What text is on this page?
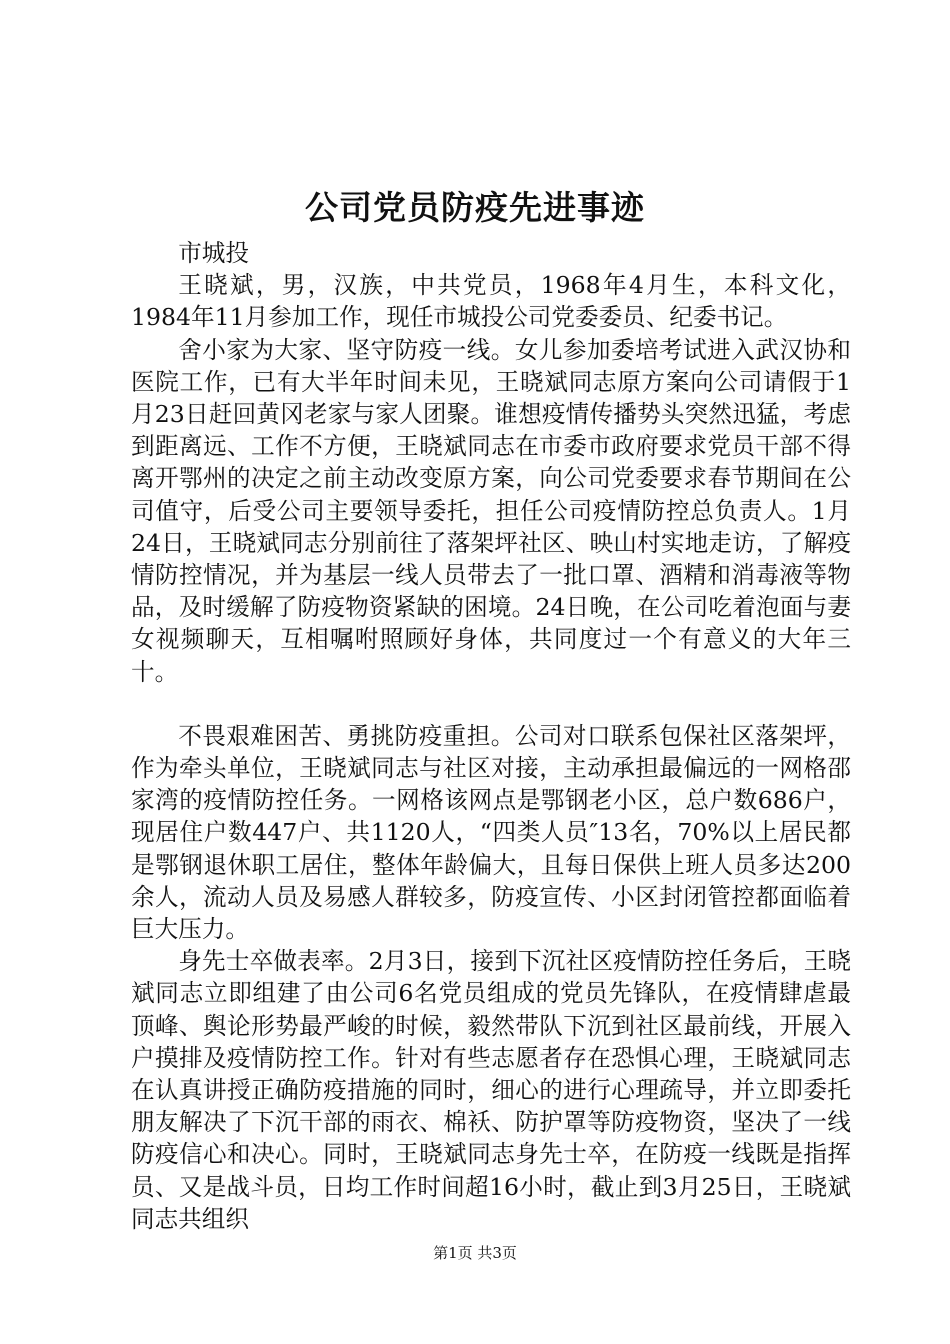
公司党员防疫先进事迹

市城投

王晓斌，男，汉族，中共党员，1968年4月生，本科文化，1984年11月参加工作，现任市城投公司党委委员、纪委书记。

舍小家为大家、坚守防疫一线。女儿参加委培考试进入武汉协和医院工作，已有大半年时间未见，王晓斌同志原方案向公司请假于1月23日赶回黄冈老家与家人团聚。谁想疫情传播势头突然迅猛，考虑到距离远、工作不方便，王晓斌同志在市委市政府要求党员干部不得离开鄂州的决定之前主动改变原方案，向公司党委要求春节期间在公司值守，后受公司主要领导委托，担任公司疫情防控总负责人。1月24日，王晓斌同志分别前往了落架坪社区、映山村实地走访，了解疫情防控情况，并为基层一线人员带去了一批口罩、酒精和消毒液等物品，及时缓解了防疫物资紧缺的困境。24日晚，在公司吃着泡面与妻女视频聊天，互相嘱咐照顾好身体，共同度过一个有意义的大年三十。

不畏艰难困苦、勇挑防疫重担。公司对口联系包保社区落架坪，作为牵头单位，王晓斌同志与社区对接，主动承担最偏远的一网格邵家湾的疫情防控任务。一网格该网点是鄂钢老小区，总户数686户，现居住户数447户、共1120人，“四类人员″13名，70%以上居民都是鄂钢退休职工居住，整体年龄偏大，且每日保供上班人员多达200余人，流动人员及易感人群较多，防疫宣传、小区封闭管控都面临着巨大压力。

身先士卒做表率。2月3日，接到下沉社区疫情防控任务后，王晓斌同志立即组建了由公司6名党员组成的党员先锋队，在疫情肆虐最顶峰、舆论形势最严峻的时候，毅然带队下沉到社区最前线，开展入户摸排及疫情防控工作。针对有些志愿者存在恐惧心理，王晓斌同志在认真讲授正确防疫措施的同时，细心的进行心理疏导，并立即委托朋友解决了下沉干部的雨衣、棉袄、防护罩等防疫物资，坚决了一线防疫信心和决心。同时，王晓斌同志身先士卒，在防疫一线既是指挥员、又是战斗员，日均工作时间超16小时，截止到3月25日，王晓斌同志共组织

第1页 共3页
